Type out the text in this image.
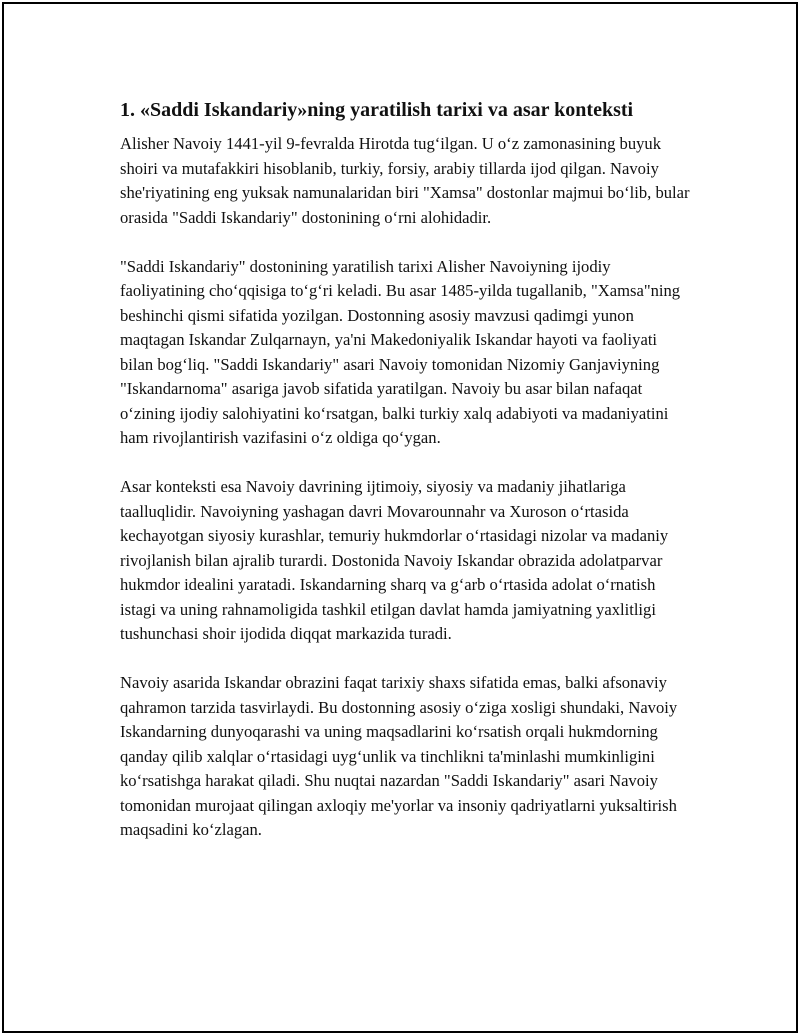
1. «Saddi Iskandariy»ning yaratilish tarixi va asar konteksti

Alisher Navoiy 1441-yil 9-fevralda Hirotda tug‘ilgan. U o‘z zamonasining buyuk shoiri va mutafakkiri hisoblanib, turkiy, forsiy, arabiy tillarda ijod qilgan. Navoiy she'riyatining eng yuksak namunalaridan biri "Xamsa" dostonlar majmui bo‘lib, bular orasida "Saddi Iskandariy" dostonining o‘rni alohidadir.

"Saddi Iskandariy" dostonining yaratilish tarixi Alisher Navoiyning ijodiy faoliyatining cho‘qqisiga to‘g‘ri keladi. Bu asar 1485-yilda tugallanib, "Xamsa"ning beshinchi qismi sifatida yozilgan. Dostonning asosiy mavzusi qadimgi yunon maqtagan Iskandar Zulqarnayn, ya'ni Makedoniyalik Iskandar hayoti va faoliyati bilan bog‘liq. "Saddi Iskandariy" asari Navoiy tomonidan Nizomiy Ganjaviyning "Iskandarnoma" asariga javob sifatida yaratilgan. Navoiy bu asar bilan nafaqat o‘zining ijodiy salohiyatini ko‘rsatgan, balki turkiy xalq adabiyoti va madaniyatini ham rivojlantirish vazifasini o‘z oldiga qo‘ygan.

Asar konteksti esa Navoiy davrining ijtimoiy, siyosiy va madaniy jihatlariga taalluqlidir. Navoiyning yashagan davri Movarounnahr va Xuroson o‘rtasida kechayotgan siyosiy kurashlar, temuriy hukmdorlar o‘rtasidagi nizolar va madaniy rivojlanish bilan ajralib turardi. Dostonida Navoiy Iskandar obrazida adolatparvar hukmdor idealini yaratadi. Iskandarning sharq va g‘arb o‘rtasida adolat o‘rnatish istagi va uning rahnamoligida tashkil etilgan davlat hamda jamiyatning yaxlitligi tushunchasi shoir ijodida diqqat markazida turadi.

Navoiy asarida Iskandar obrazini faqat tarixiy shaxs sifatida emas, balki afsonaviy qahramon tarzida tasvirlaydi. Bu dostonning asosiy o‘ziga xosligi shundaki, Navoiy Iskandarning dunyoqarashi va uning maqsadlarini ko‘rsatish orqali hukmdorning qanday qilib xalqlar o‘rtasidagi uyg‘unlik va tinchlikni ta'minlashi mumkinligini ko‘rsatishga harakat qiladi. Shu nuqtai nazardan "Saddi Iskandariy" asari Navoiy tomonidan murojaat qilingan axloqiy me'yorlar va insoniy qadriyatlarni yuksaltirish maqsadini ko‘zlagan.
